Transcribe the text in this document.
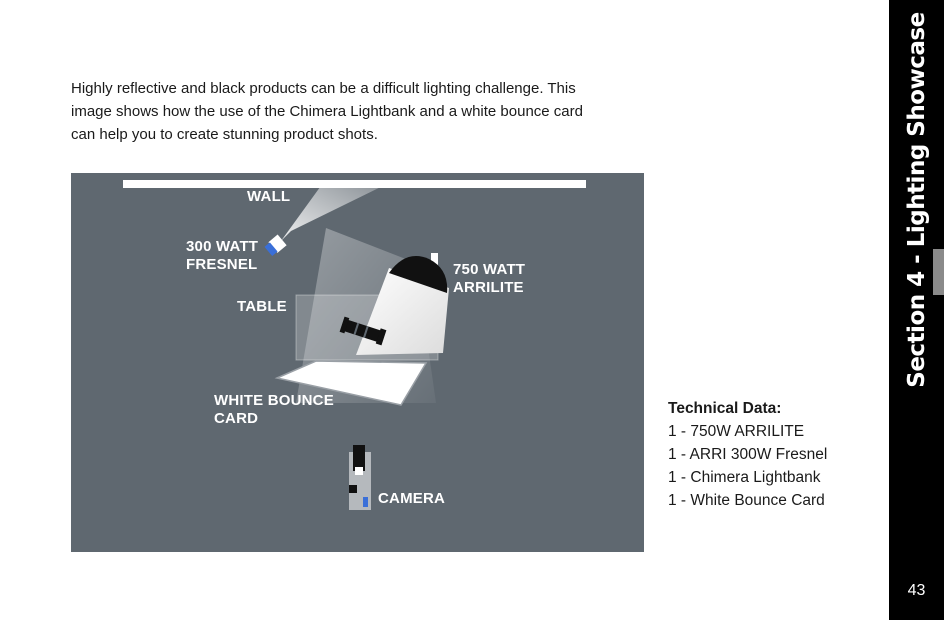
Highly reflective and black products can be a difficult lighting challenge. This
image shows how the use of the Chimera Lightbank and a white bounce card
can help you to create stunning product shots.

WALL
300 WATT
FRESNEL	750 WATT
ARRILITE
TABLE
WHITE BOUNCE
CARD
CAMERA
Technical Data:
1 - 750W ARRILITE
1 - ARRI 300W Fresnel
1 - Chimera Lightbank
1 - White Bounce Card
Section 4 - Lighting Showcase
43
